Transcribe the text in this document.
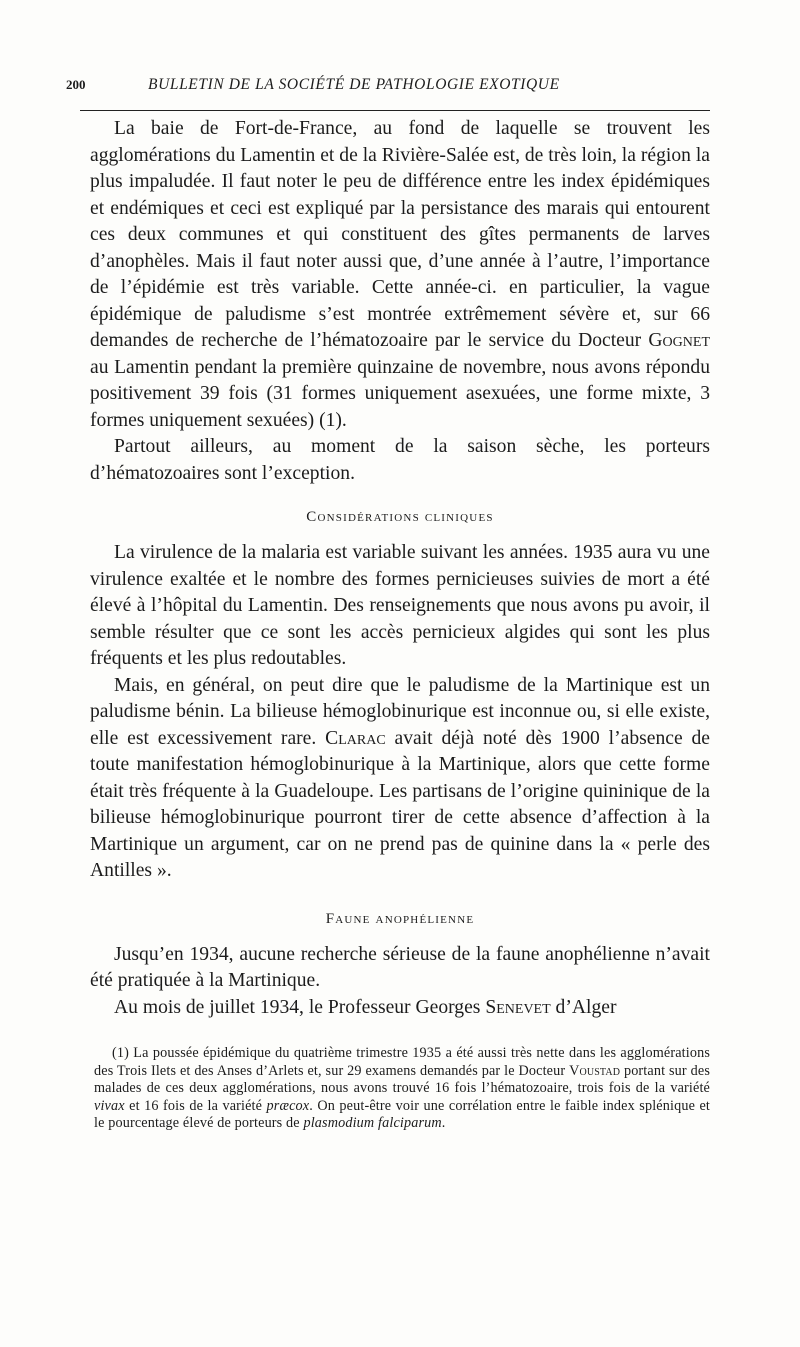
200	BULLETIN DE LA SOCIÉTÉ DE PATHOLOGIE EXOTIQUE

La baie de Fort-de-France, au fond de laquelle se trouvent les agglomérations du Lamentin et de la Rivière-Salée est, de très loin, la région la plus impaludée. Il faut noter le peu de différence entre les index épidémiques et endémiques et ceci est expliqué par la persistance des marais qui entourent ces deux communes et qui constituent des gîtes permanents de larves d’anophèles. Mais il faut noter aussi que, d’une année à l’autre, l’importance de l’épidémie est très variable. Cette année-ci. en particulier, la vague épidémique de paludisme s’est montrée extrêmement sévère et, sur 66 demandes de recherche de l’hématozoaire par le service du Docteur Gognet au Lamentin pendant la première quinzaine de novembre, nous avons répondu positivement 39 fois (31 formes uniquement asexuées, une forme mixte, 3 formes uniquement sexuées) (1).

Partout ailleurs, au moment de la saison sèche, les porteurs d’hématozoaires sont l’exception.

Considérations cliniques

La virulence de la malaria est variable suivant les années. 1935 aura vu une virulence exaltée et le nombre des formes pernicieuses suivies de mort a été élevé à l’hôpital du Lamentin. Des renseignements que nous avons pu avoir, il semble résulter que ce sont les accès pernicieux algides qui sont les plus fréquents et les plus redoutables.

Mais, en général, on peut dire que le paludisme de la Martinique est un paludisme bénin. La bilieuse hémoglobinurique est inconnue ou, si elle existe, elle est excessivement rare. Clarac avait déjà noté dès 1900 l’absence de toute manifestation hémoglobinurique à la Martinique, alors que cette forme était très fréquente à la Guadeloupe. Les partisans de l’origine quininique de la bilieuse hémoglobinurique pourront tirer de cette absence d’affection à la Martinique un argument, car on ne prend pas de quinine dans la « perle des Antilles ».

Faune anophélienne

Jusqu’en 1934, aucune recherche sérieuse de la faune anophélienne n’avait été pratiquée à la Martinique.

Au mois de juillet 1934, le Professeur Georges Senevet d’Alger

(1) La poussée épidémique du quatrième trimestre 1935 a été aussi très nette dans les agglomérations des Trois Ilets et des Anses d’Arlets et, sur 29 examens demandés par le Docteur Voustad portant sur des malades de ces deux agglomérations, nous avons trouvé 16 fois l’hématozoaire, trois fois de la variété vivax et 16 fois de la variété præcox. On peut-être voir une corrélation entre le faible index splénique et le pourcentage élevé de porteurs de plasmodium falciparum.
